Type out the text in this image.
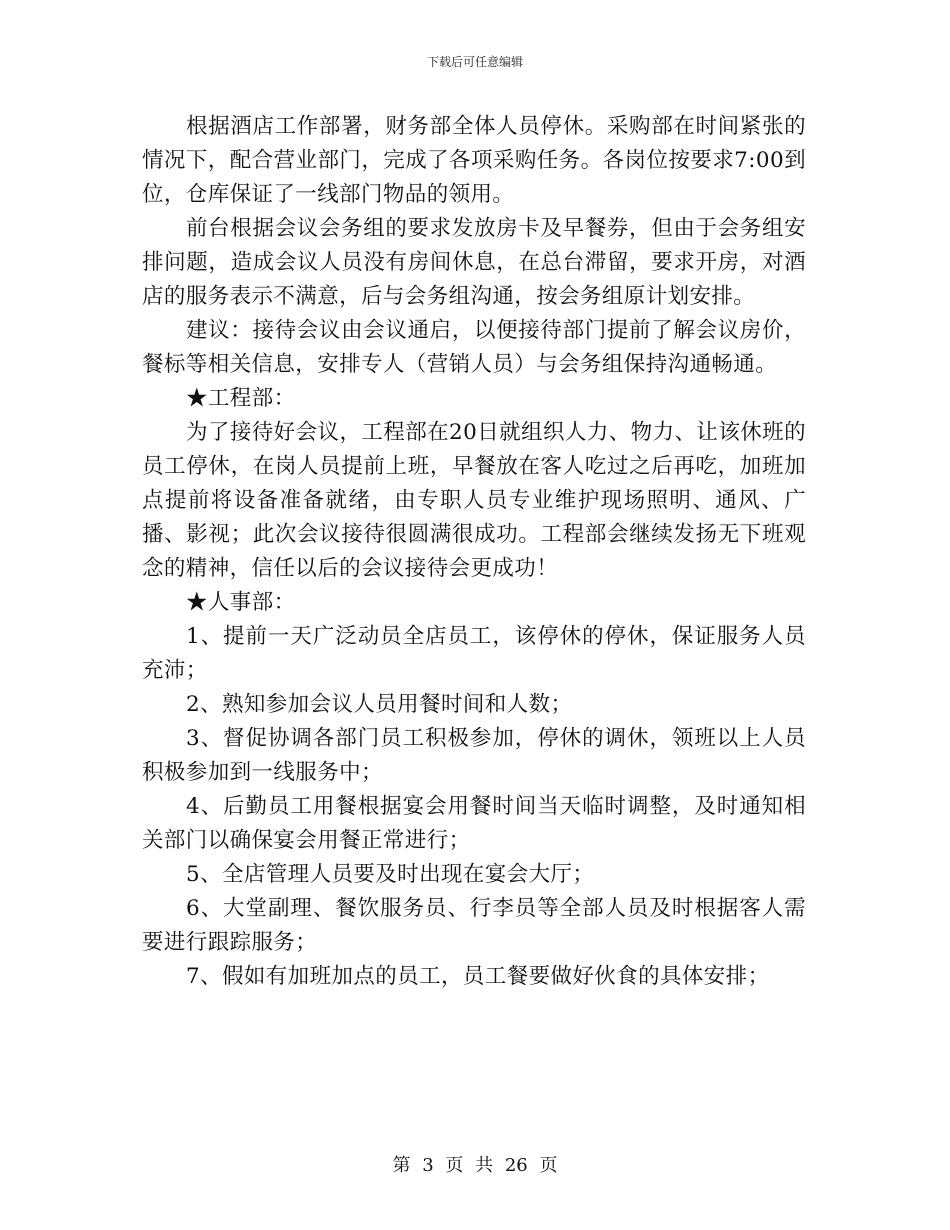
下载后可任意编辑

根据酒店工作部署，财务部全体人员停休。采购部在时间紧张的情况下，配合营业部门，完成了各项采购任务。各岗位按要求7:00到位，仓库保证了一线部门物品的领用。

前台根据会议会务组的要求发放房卡及早餐券，但由于会务组安排问题，造成会议人员没有房间休息，在总台滞留，要求开房，对酒店的服务表示不满意，后与会务组沟通，按会务组原计划安排。

建议：接待会议由会议通启，以便接待部门提前了解会议房价，餐标等相关信息，安排专人（营销人员）与会务组保持沟通畅通。

★工程部：

为了接待好会议，工程部在20日就组织人力、物力、让该休班的员工停休，在岗人员提前上班，早餐放在客人吃过之后再吃，加班加点提前将设备准备就绪，由专职人员专业维护现场照明、通风、广播、影视；此次会议接待很圆满很成功。工程部会继续发扬无下班观念的精神，信任以后的会议接待会更成功！

★人事部：

1、提前一天广泛动员全店员工，该停休的停休，保证服务人员充沛；

2、熟知参加会议人员用餐时间和人数；

3、督促协调各部门员工积极参加，停休的调休，领班以上人员积极参加到一线服务中；

4、后勤员工用餐根据宴会用餐时间当天临时调整，及时通知相关部门以确保宴会用餐正常进行；

5、全店管理人员要及时出现在宴会大厅；

6、大堂副理、餐饮服务员、行李员等全部人员及时根据客人需要进行跟踪服务；

7、假如有加班加点的员工，员工餐要做好伙食的具体安排；

第 3 页 共 26 页
